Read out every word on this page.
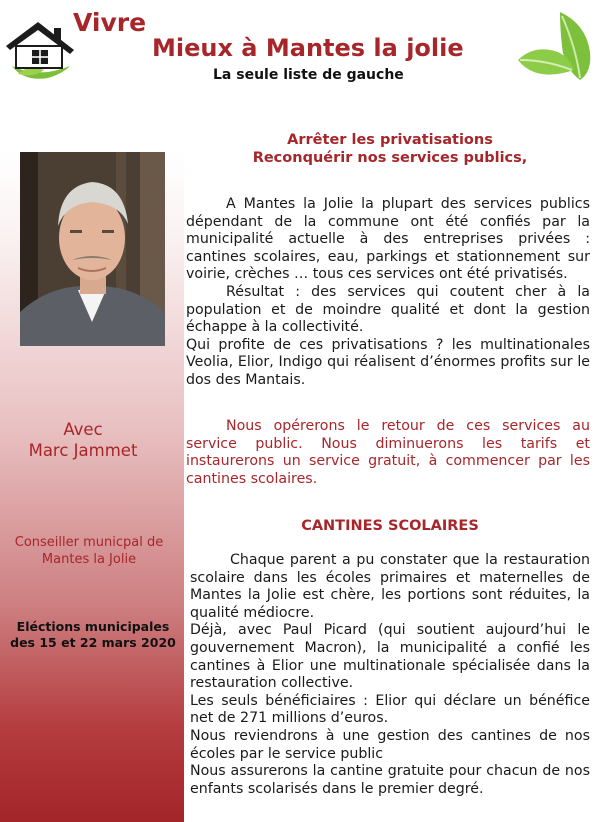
Vivre
Mieux à Mantes la jolie
La seule liste de gauche
Avec
Marc Jammet
Conseiller municpal de
Mantes la Jolie
Eléctions municipales
des 15 et 22 mars 2020
Arrêter les privatisations
Reconquérir nos services publics,
A Mantes la Jolie la plupart des services publics dépendant de la commune ont été confiés par la municipalité actuelle à des entreprises privées : cantines scolaires, eau, parkings et stationnement sur voirie, crèches … tous ces services ont été privatisés.
Résultat : des services qui coutent cher à la population et de moindre qualité et dont la gestion échappe à la collectivité.
Qui profite de ces privatisations ? les multinationales Veolia, Elior, Indigo qui réalisent d’énormes profits sur le dos des Mantais.
Nous opérerons le retour de ces services au service public. Nous diminuerons les tarifs et instaurerons un service gratuit, à commencer par les cantines scolaires.
CANTINES SCOLAIRES
Chaque parent a pu constater que la restauration scolaire dans les écoles primaires et maternelles de Mantes la Jolie est chère, les portions sont réduites, la qualité médiocre.
Déjà, avec Paul Picard (qui soutient aujourd’hui le gouvernement Macron), la municipalité a confié les cantines à Elior une multinationale spécialisée dans la restauration collective.
Les seuls bénéficiaires : Elior qui déclare un bénéfice net de 271 millions d’euros.
Nous reviendrons à une gestion des cantines de nos écoles par le service public
Nous assurerons la cantine gratuite pour chacun de nos enfants scolarisés dans le premier degré.
